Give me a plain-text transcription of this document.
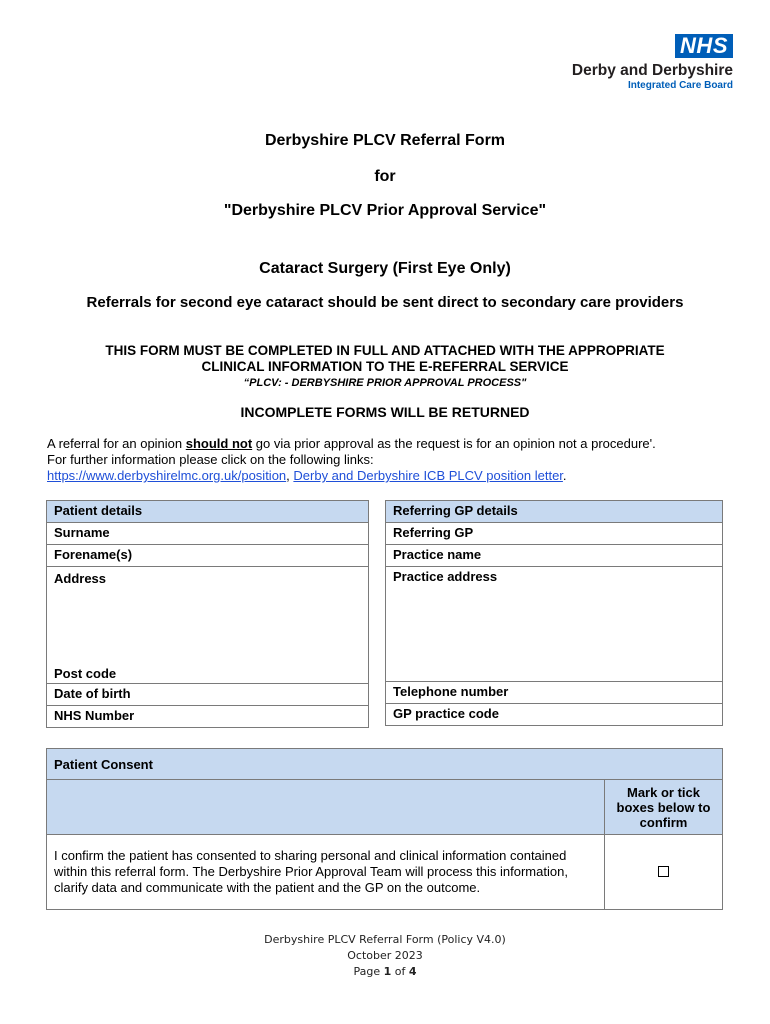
NHS
Derby and Derbyshire
Integrated Care Board
Derbyshire PLCV Referral Form
for
"Derbyshire PLCV Prior Approval Service"
Cataract Surgery (First Eye Only)
Referrals for second eye cataract should be sent direct to secondary care providers
THIS FORM MUST BE COMPLETED IN FULL AND ATTACHED WITH THE APPROPRIATE
CLINICAL INFORMATION TO THE E-REFERRAL SERVICE
“PLCV: - DERBYSHIRE PRIOR APPROVAL PROCESS"
INCOMPLETE FORMS WILL BE RETURNED
A referral for an opinion should not go via prior approval as the request is for an opinion not a procedure'.
For further information please click on the following links:
https://www.derbyshirelmc.org.uk/position, Derby and Derbyshire ICB PLCV position letter.
Patient details
Surname
Forename(s)

Address
Post code

Date of birth
NHS Number
Referring GP details
Referring GP
Practice name
Practice address
Telephone number
GP practice code
Patient Consent	
	Mark or tick boxes below to confirm
I confirm the patient has consented to sharing personal and clinical information contained within this referral form. The Derbyshire Prior Approval Team will process this information, clarify data and communicate with the patient and the GP on the outcome.	
Derbyshire PLCV Referral Form (Policy V4.0)
October 2023
Page 1 of 4
